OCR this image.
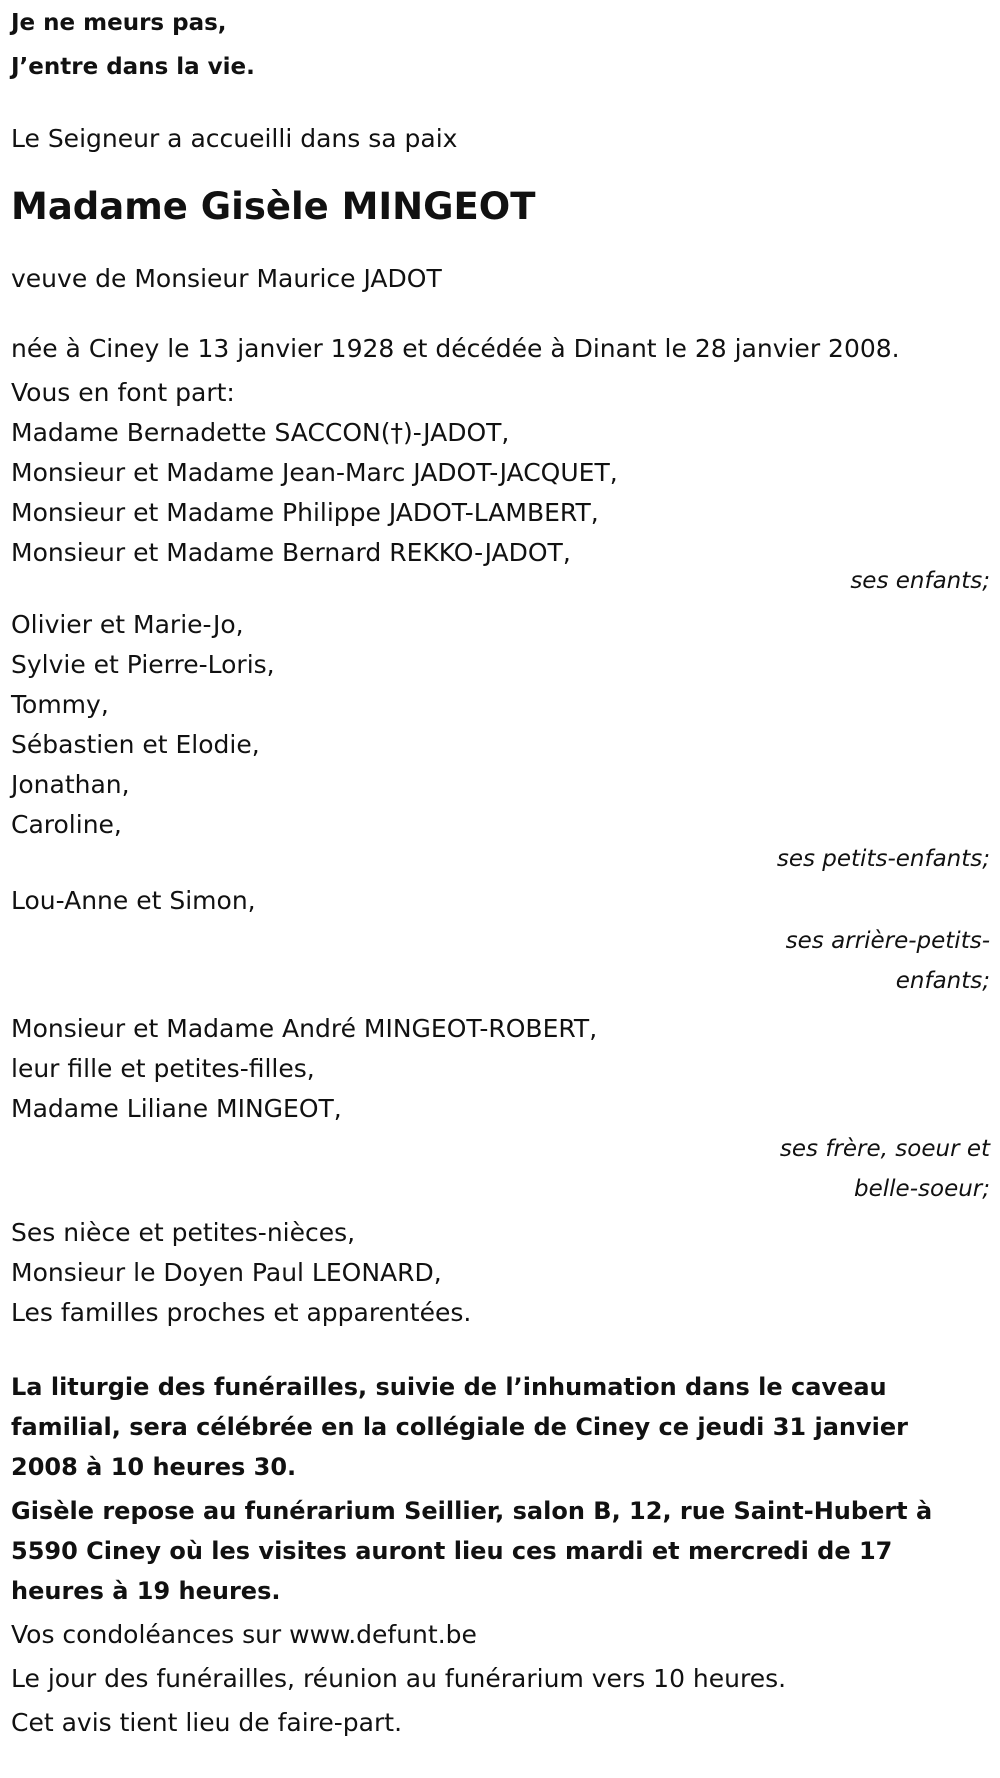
Je ne meurs pas,

J’entre dans la vie.

Le Seigneur a accueilli dans sa paix

Madame Gisèle MINGEOT

veuve de Monsieur Maurice JADOT

née à Ciney le 13 janvier 1928 et décédée à Dinant le 28 janvier 2008.

Vous en font part:

Madame Bernadette SACCON(†)-JADOT,

Monsieur et Madame Jean-Marc JADOT-JACQUET,

Monsieur et Madame Philippe JADOT-LAMBERT,

Monsieur et Madame Bernard REKKO-JADOT,

ses enfants;

Olivier et Marie-Jo,

Sylvie et Pierre-Loris,

Tommy,

Sébastien et Elodie,

Jonathan,

Caroline,

ses petits-enfants;

Lou-Anne et Simon,

ses arrière-petits-

enfants;

Monsieur et Madame André MINGEOT-ROBERT,

leur fille et petites-filles,

Madame Liliane MINGEOT,

ses frère, soeur et

belle-soeur;

Ses nièce et petites-nièces,

Monsieur le Doyen Paul LEONARD,

Les familles proches et apparentées.

La liturgie des funérailles, suivie de l’inhumation dans le caveau

familial, sera célébrée en la collégiale de Ciney ce jeudi 31 janvier

2008 à 10 heures 30.

Gisèle repose au funérarium Seillier, salon B, 12, rue Saint-Hubert à

5590 Ciney où les visites auront lieu ces mardi et mercredi de 17

heures à 19 heures.

Vos condoléances sur www.defunt.be

Le jour des funérailles, réunion au funérarium vers 10 heures.

Cet avis tient lieu de faire-part.
